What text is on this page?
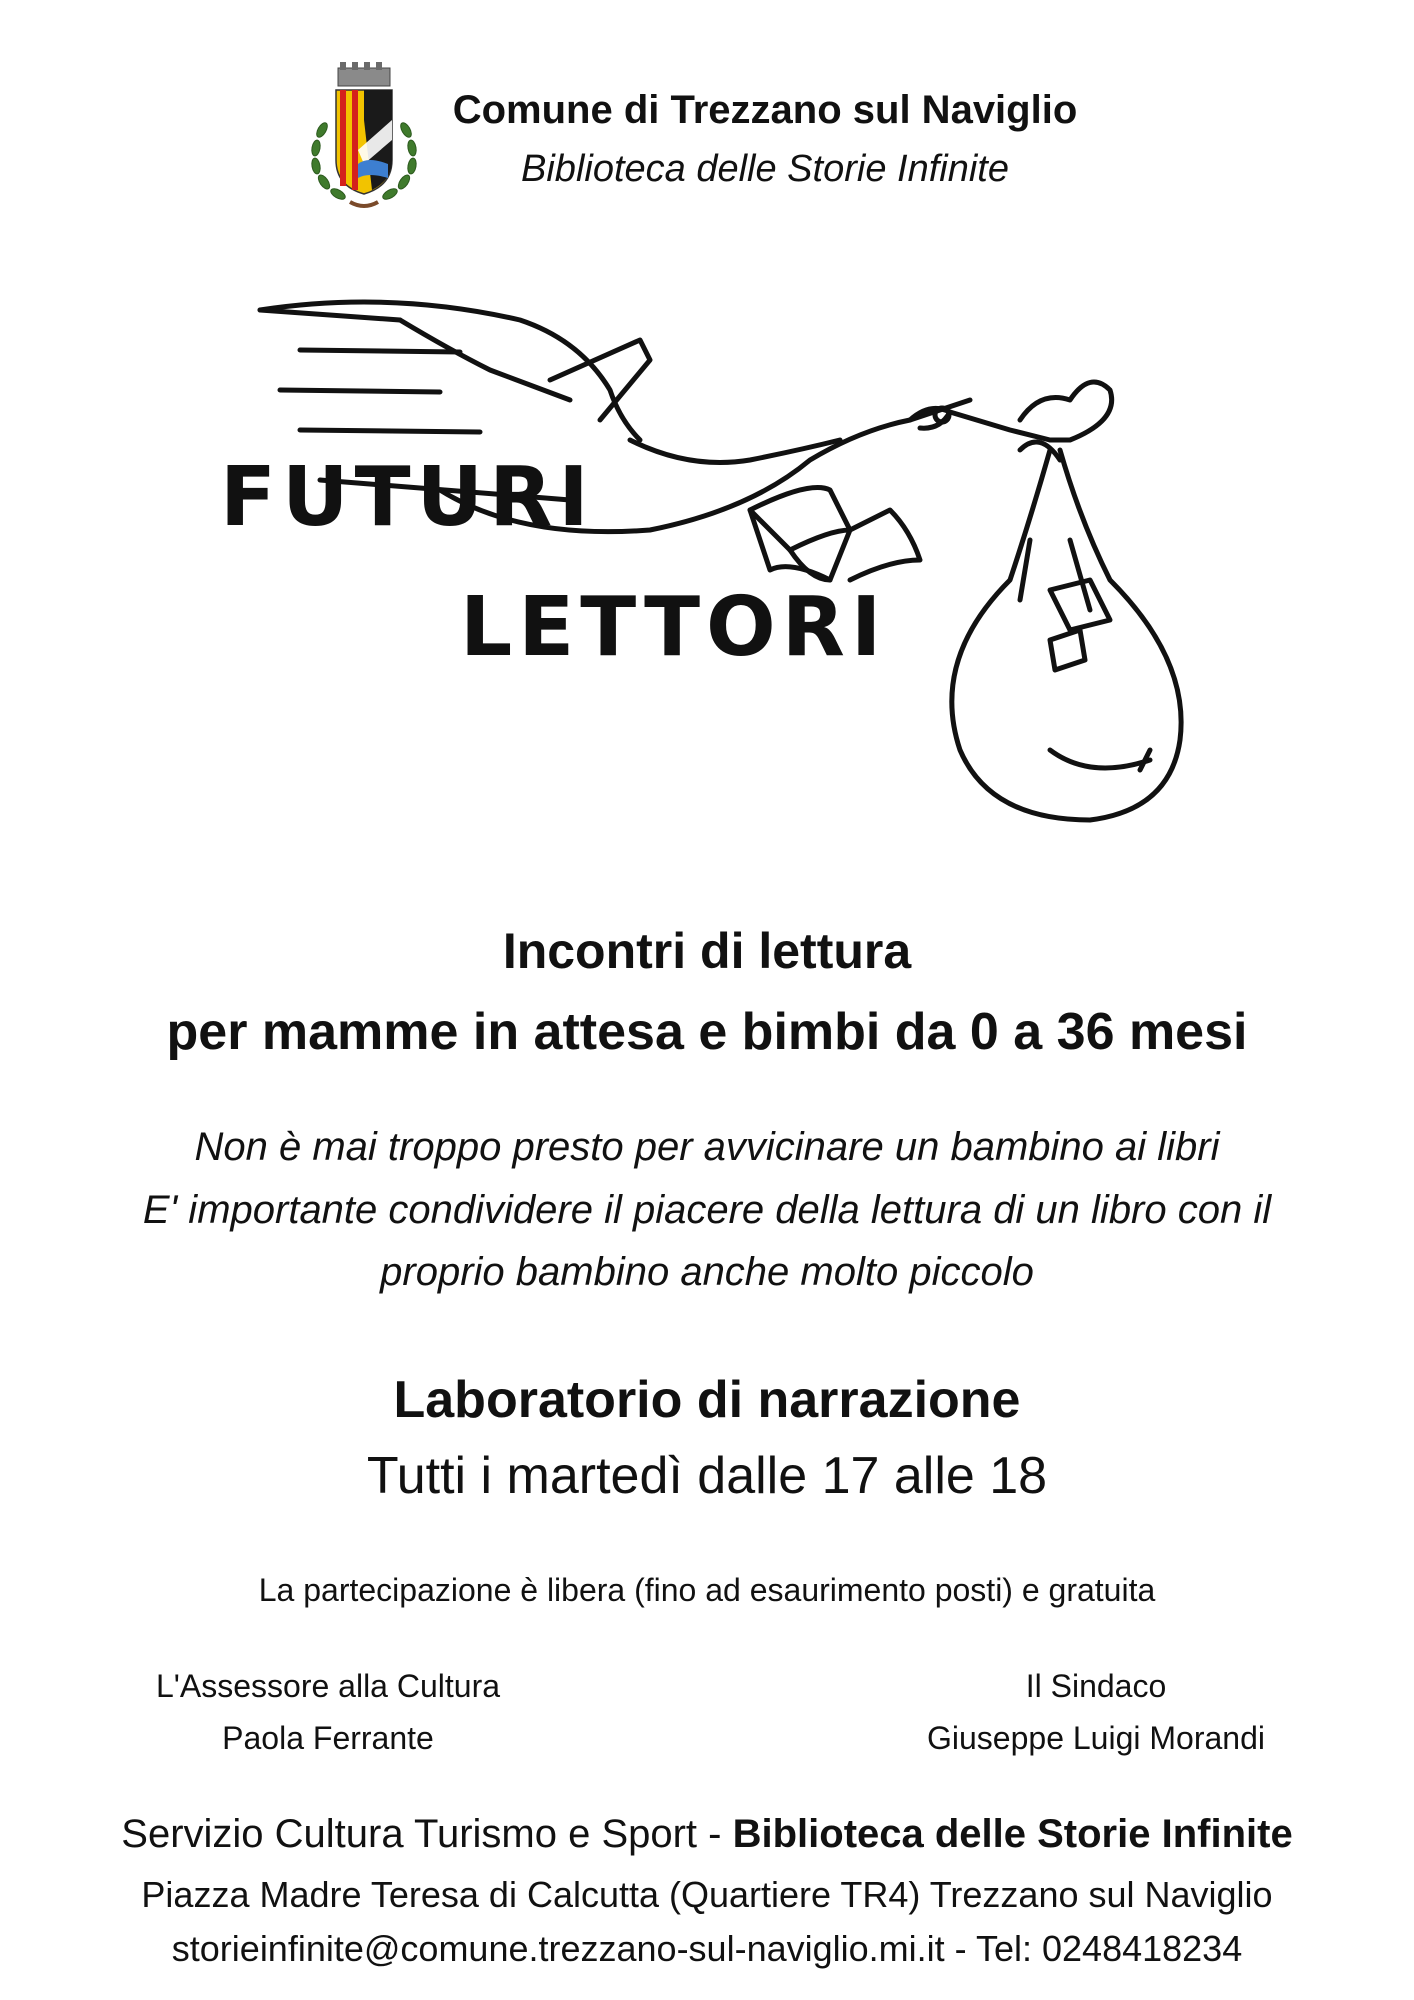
Comune di Trezzano sul Naviglio
Biblioteca delle Storie Infinite
FUTURI
LETTORI
Incontri di lettura
per mamme in attesa e bimbi da 0 a 36 mesi
Non è mai troppo presto per avvicinare un bambino ai libri
E' importante condividere il piacere della lettura di un libro con il
proprio bambino anche molto piccolo
Laboratorio di narrazione
Tutti i martedì dalle 17 alle 18
La partecipazione è libera (fino ad esaurimento posti) e gratuita
L'Assessore alla Cultura
Paola Ferrante
Il Sindaco
Giuseppe Luigi Morandi
Servizio Cultura Turismo e Sport - Biblioteca delle Storie Infinite
Piazza Madre Teresa di Calcutta (Quartiere TR4) Trezzano sul Naviglio
storieinfinite@comune.trezzano-sul-naviglio.mi.it - Tel: 0248418234
